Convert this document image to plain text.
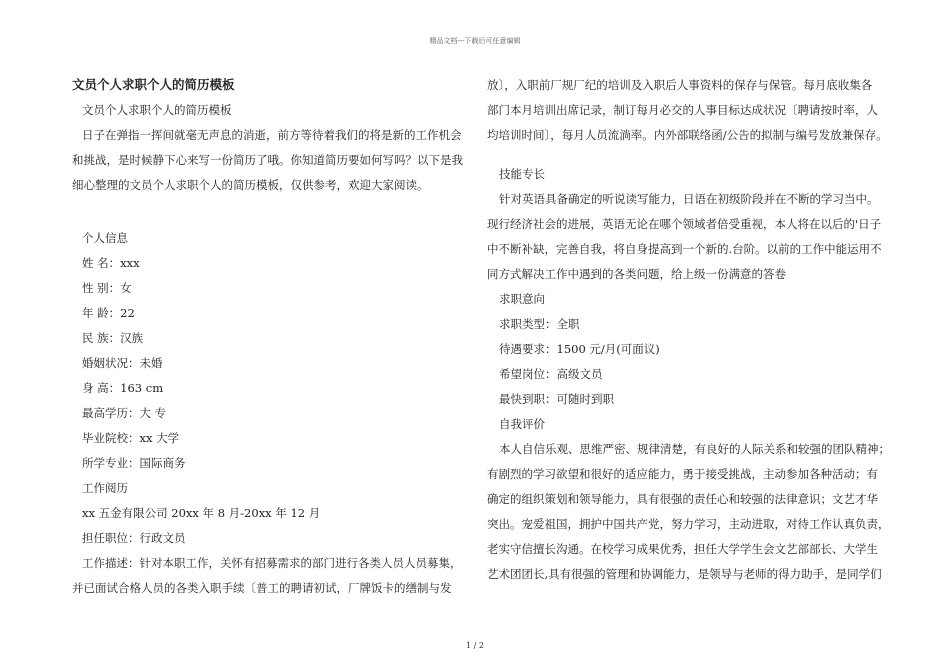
精品文档---下载后可任意编辑
文员个人求职个人的简历模板
文员个人求职个人的简历模板
日子在弹指一挥间就毫无声息的消逝，前方等待着我们的将是新的工作机会
和挑战，是时候静下心来写一份简历了哦。你知道简历要如何写吗？以下是我
细心整理的文员个人求职个人的简历模板，仅供参考，欢迎大家阅读。
个人信息
姓 名：xxx
性 别：女
年 龄：22
民 族：汉族
婚姻状况：未婚
身 高：163 cm
最高学历：大 专
毕业院校：xx 大学
所学专业：国际商务
工作阅历
xx 五金有限公司 20xx 年 8 月-20xx 年 12 月
担任职位：行政文员
工作描述：针对本职工作，关怀有招募需求的部门进行各类人员人员募集，
并已面试合格人员的各类入职手续〔普工的聘请初试，厂牌饭卡的缮制与发
放〕，入职前厂规厂纪的培训及入职后人事资料的保存与保管。每月底收集各
部门本月培训出席记录，制订每月必交的人事目标达成状况〔聘请按时率，人
均培训时间〕，每月人员流淌率。内外部联络函/公告的拟制与编号发放兼保存。
技能专长
针对英语具备确定的听说读写能力，日语在初级阶段并在不断的学习当中。
现行经济社会的进展，英语无论在哪个领域者倍受重视，本人将在以后的'日子
中不断补缺，完善自我，将自身提高到一个新的.台阶。以前的工作中能运用不
同方式解决工作中遇到的各类问题，给上级一份满意的答卷
求职意向
求职类型：全职
待遇要求：1500 元/月(可面议)
希望岗位：高级文员
最快到职：可随时到职
自我评价
本人自信乐观、思维严密、规律清楚，有良好的人际关系和较强的团队精神；
有剧烈的学习欲望和很好的适应能力，勇于接受挑战，主动参加各种活动；有
确定的组织策划和领导能力，具有很强的责任心和较强的法律意识；文艺才华
突出。宠爱祖国，拥护中国共产党，努力学习，主动进取，对待工作认真负责，
老实守信擅长沟通。在校学习成果优秀，担任大学学生会文艺部部长、大学生
艺术团团长,具有很强的管理和协调能力，是领导与老师的得力助手，是同学们
1 / 2
